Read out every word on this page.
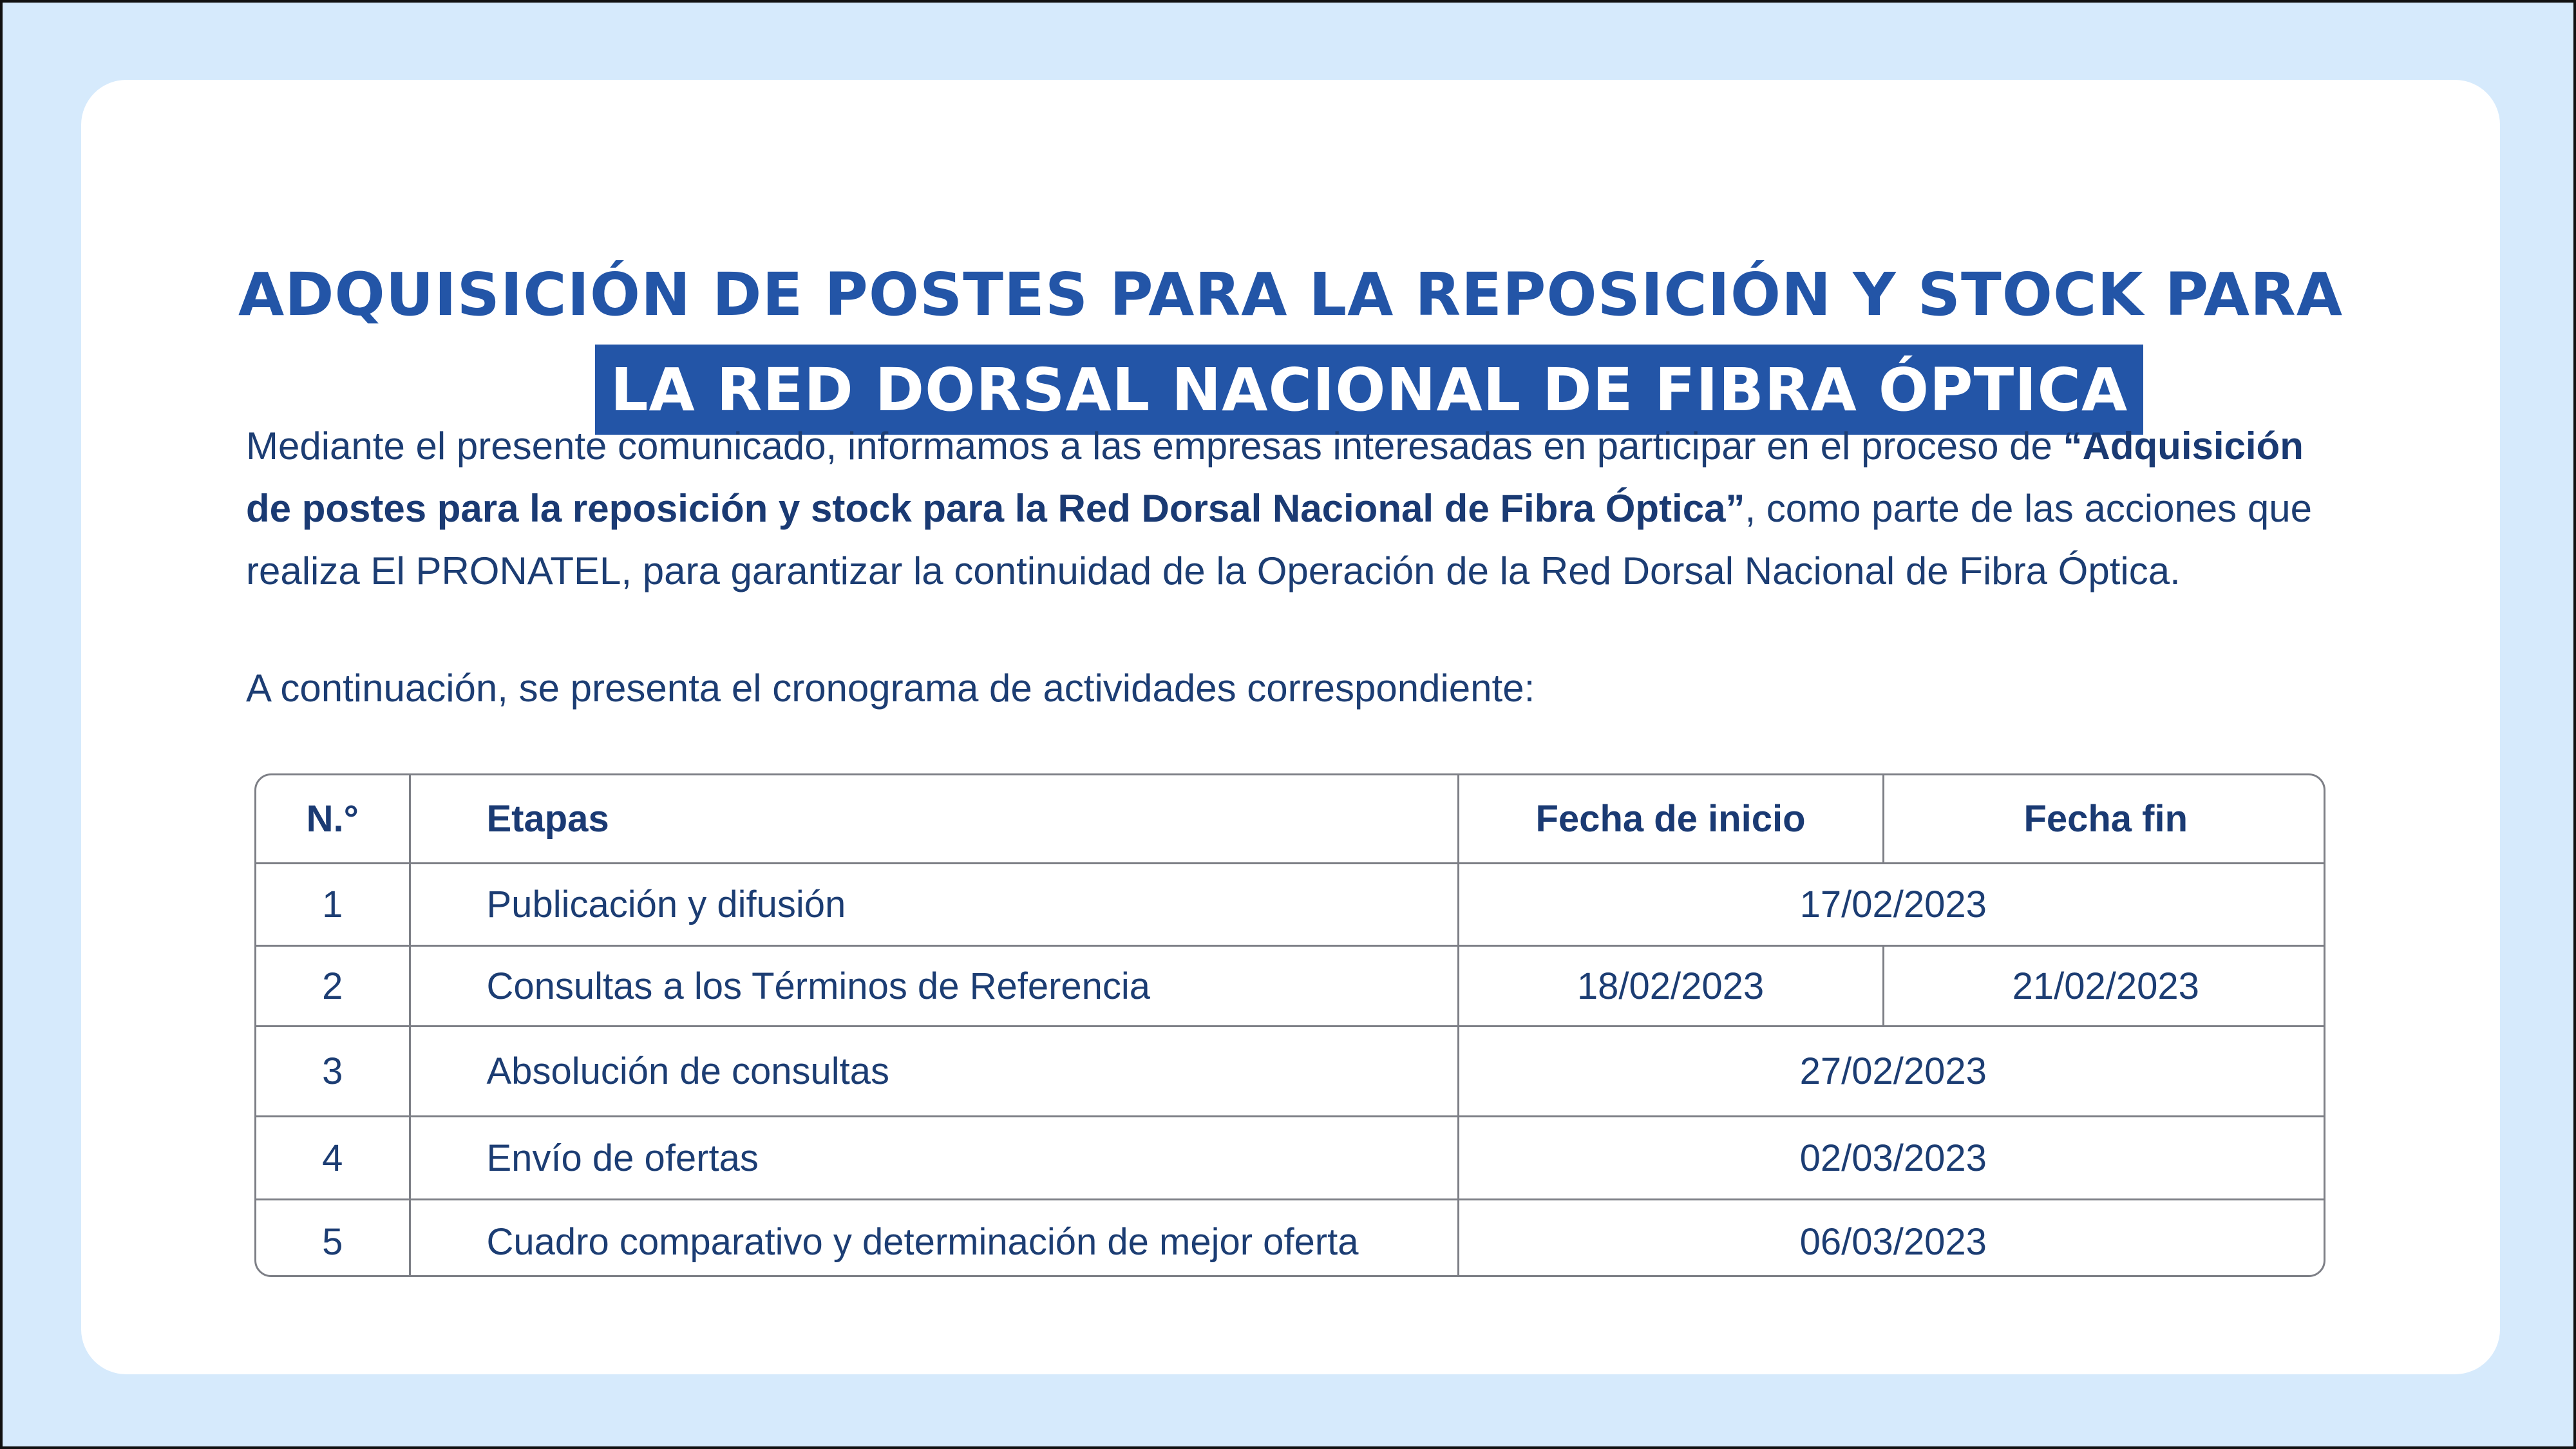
ADQUISICIÓN DE POSTES PARA LA REPOSICIÓN Y STOCK PARA
LA RED DORSAL NACIONAL DE FIBRA ÓPTICA

Mediante el presente comunicado, informamos a las empresas interesadas en participar en el proceso de “Adquisición de postes para la reposición y stock para la Red Dorsal Nacional de Fibra Óptica”, como parte de las acciones que realiza El PRONATEL, para garantizar la continuidad de la Operación de la Red Dorsal Nacional de Fibra Óptica.

A continuación, se presenta el cronograma de actividades correspondiente:
N.°	Etapas	Fecha de inicio	Fecha fin
1	Publicación y difusión	17/02/2023	
2	Consultas a los Términos de Referencia	18/02/2023	21/02/2023
3	Absolución de consultas	27/02/2023	
4	Envío de ofertas	02/03/2023	
5	Cuadro comparativo y determinación de mejor oferta	06/03/2023	
